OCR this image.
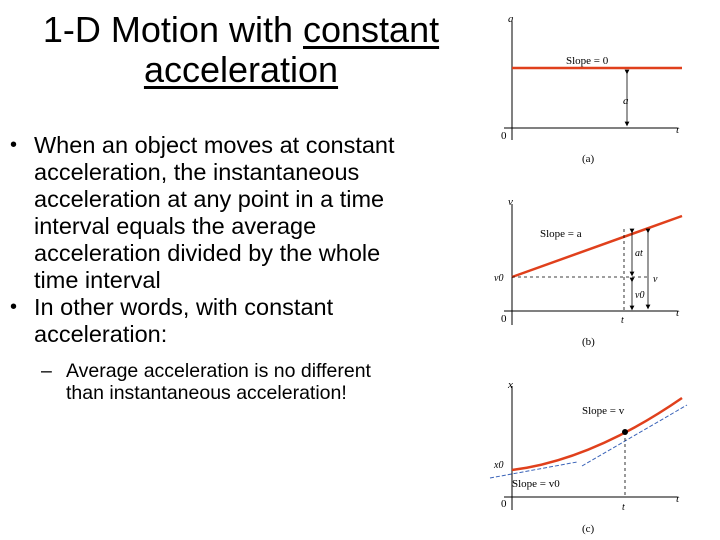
1-D Motion with constant
acceleration
• When an object moves at constant acceleration, the instantaneous acceleration at any point in a time interval equals the average acceleration divided by the whole time interval
• In other words, with constant acceleration:
– Average acceleration is no different than instantaneous acceleration!
a
0	t
Slope = 0
a
(a)
v
0	t
Slope = a
v0
at
v
v0
t
(b)
x
0	t
Slope = v
Slope = v0
x0
t
(c)
